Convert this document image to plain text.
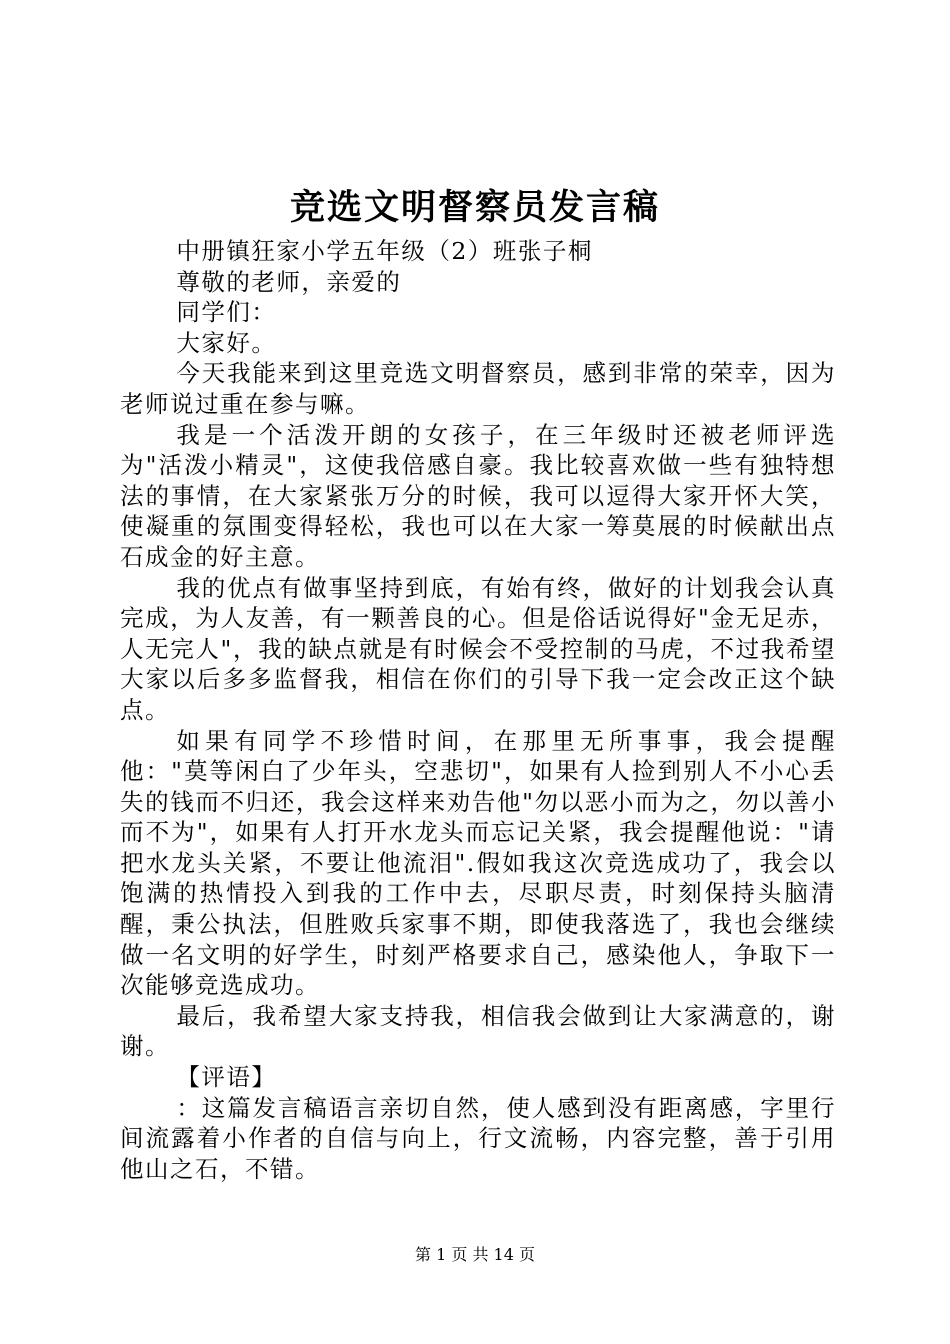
竞选文明督察员发言稿

中册镇狂家小学五年级（2）班张子桐

尊敬的老师，亲爱的

同学们：

大家好。

今天我能来到这里竞选文明督察员，感到非常的荣幸，因为老师说过重在参与嘛。

我是一个活泼开朗的女孩子，在三年级时还被老师评选为"活泼小精灵"，这使我倍感自豪。我比较喜欢做一些有独特想法的事情，在大家紧张万分的时候，我可以逗得大家开怀大笑，使凝重的氛围变得轻松，我也可以在大家一筹莫展的时候献出点石成金的好主意。

我的优点有做事坚持到底，有始有终，做好的计划我会认真完成，为人友善，有一颗善良的心。但是俗话说得好"金无足赤，人无完人"，我的缺点就是有时候会不受控制的马虎，不过我希望大家以后多多监督我，相信在你们的引导下我一定会改正这个缺点。

如果有同学不珍惜时间，在那里无所事事，我会提醒他："莫等闲白了少年头，空悲切"，如果有人捡到别人不小心丢失的钱而不归还，我会这样来劝告他"勿以恶小而为之，勿以善小而不为"，如果有人打开水龙头而忘记关紧，我会提醒他说："请把水龙头关紧，不要让他流泪".假如我这次竞选成功了，我会以饱满的热情投入到我的工作中去，尽职尽责，时刻保持头脑清醒，秉公执法，但胜败兵家事不期，即使我落选了，我也会继续做一名文明的好学生，时刻严格要求自己，感染他人，争取下一次能够竞选成功。

最后，我希望大家支持我，相信我会做到让大家满意的，谢谢。

【评语】

：这篇发言稿语言亲切自然，使人感到没有距离感，字里行间流露着小作者的自信与向上，行文流畅，内容完整，善于引用他山之石，不错。

第 1 页 共 14 页
